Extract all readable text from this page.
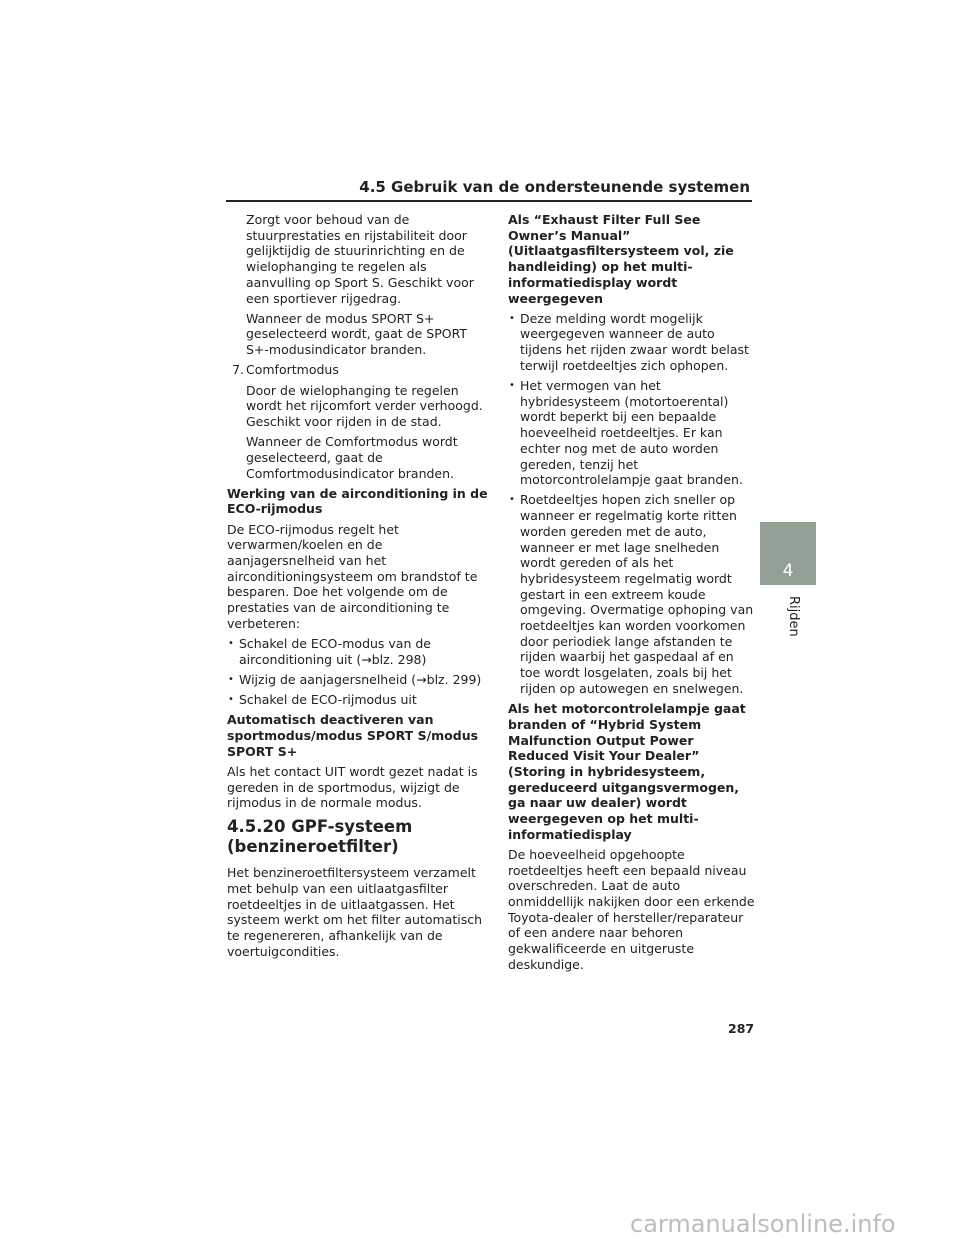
4.5 Gebruik van de ondersteunende systemen
4
Rijden

Zorgt voor behoud van de stuurprestaties en rijstabiliteit door gelijktijdig de stuurinrichting en de wielophanging te regelen als aanvulling op Sport S. Geschikt voor een sportiever rijgedrag.

Wanneer de modus SPORT S+ geselecteerd wordt, gaat de SPORT S+-modusindicator branden.

7. Comfortmodus

Door de wielophanging te regelen wordt het rijcomfort verder verhoogd. Geschikt voor rijden in de stad.

Wanneer de Comfortmodus wordt geselecteerd, gaat de Comfortmodusindicator branden.

Werking van de airconditioning in de ECO-rijmodus

De ECO-rijmodus regelt het verwarmen/koelen en de aanjagersnelheid van het airconditioningsysteem om brandstof te besparen. Doe het volgende om de prestaties van de airconditioning te verbeteren:

• Schakel de ECO-modus van de airconditioning uit (→blz. 298)
• Wijzig de aanjagersnelheid (→blz. 299)
• Schakel de ECO-rijmodus uit

Automatisch deactiveren van sportmodus/modus SPORT S/modus SPORT S+

Als het contact UIT wordt gezet nadat is gereden in de sportmodus, wijzigt de rijmodus in de normale modus.

4.5.20 GPF-systeem (benzineroetfilter)

Het benzineroetfiltersysteem verzamelt met behulp van een uitlaatgasfilter roetdeeltjes in de uitlaatgassen. Het systeem werkt om het filter automatisch te regenereren, afhankelijk van de voertuigcondities.

Als “Exhaust Filter Full See Owner’s Manual” (Uitlaatgasfiltersysteem vol, zie handleiding) op het multi-informatiedisplay wordt weergegeven

• Deze melding wordt mogelijk weergegeven wanneer de auto tijdens het rijden zwaar wordt belast terwijl roetdeeltjes zich ophopen.
• Het vermogen van het hybridesysteem (motortoerental) wordt beperkt bij een bepaalde hoeveelheid roetdeeltjes. Er kan echter nog met de auto worden gereden, tenzij het motorcontrolelampje gaat branden.
• Roetdeeltjes hopen zich sneller op wanneer er regelmatig korte ritten worden gereden met de auto, wanneer er met lage snelheden wordt gereden of als het hybridesysteem regelmatig wordt gestart in een extreem koude omgeving. Overmatige ophoping van roetdeeltjes kan worden voorkomen door periodiek lange afstanden te rijden waarbij het gaspedaal af en toe wordt losgelaten, zoals bij het rijden op autowegen en snelwegen.

Als het motorcontrolelampje gaat branden of “Hybrid System Malfunction Output Power Reduced Visit Your Dealer” (Storing in hybridesysteem, gereduceerd uitgangsvermogen, ga naar uw dealer) wordt weergegeven op het multi-informatiedisplay

De hoeveelheid opgehoopte roetdeeltjes heeft een bepaald niveau overschreden. Laat de auto onmiddellijk nakijken door een erkende Toyota-dealer of hersteller/reparateur of een andere naar behoren gekwalificeerde en uitgeruste deskundige.

287
carmanualsonline.info
